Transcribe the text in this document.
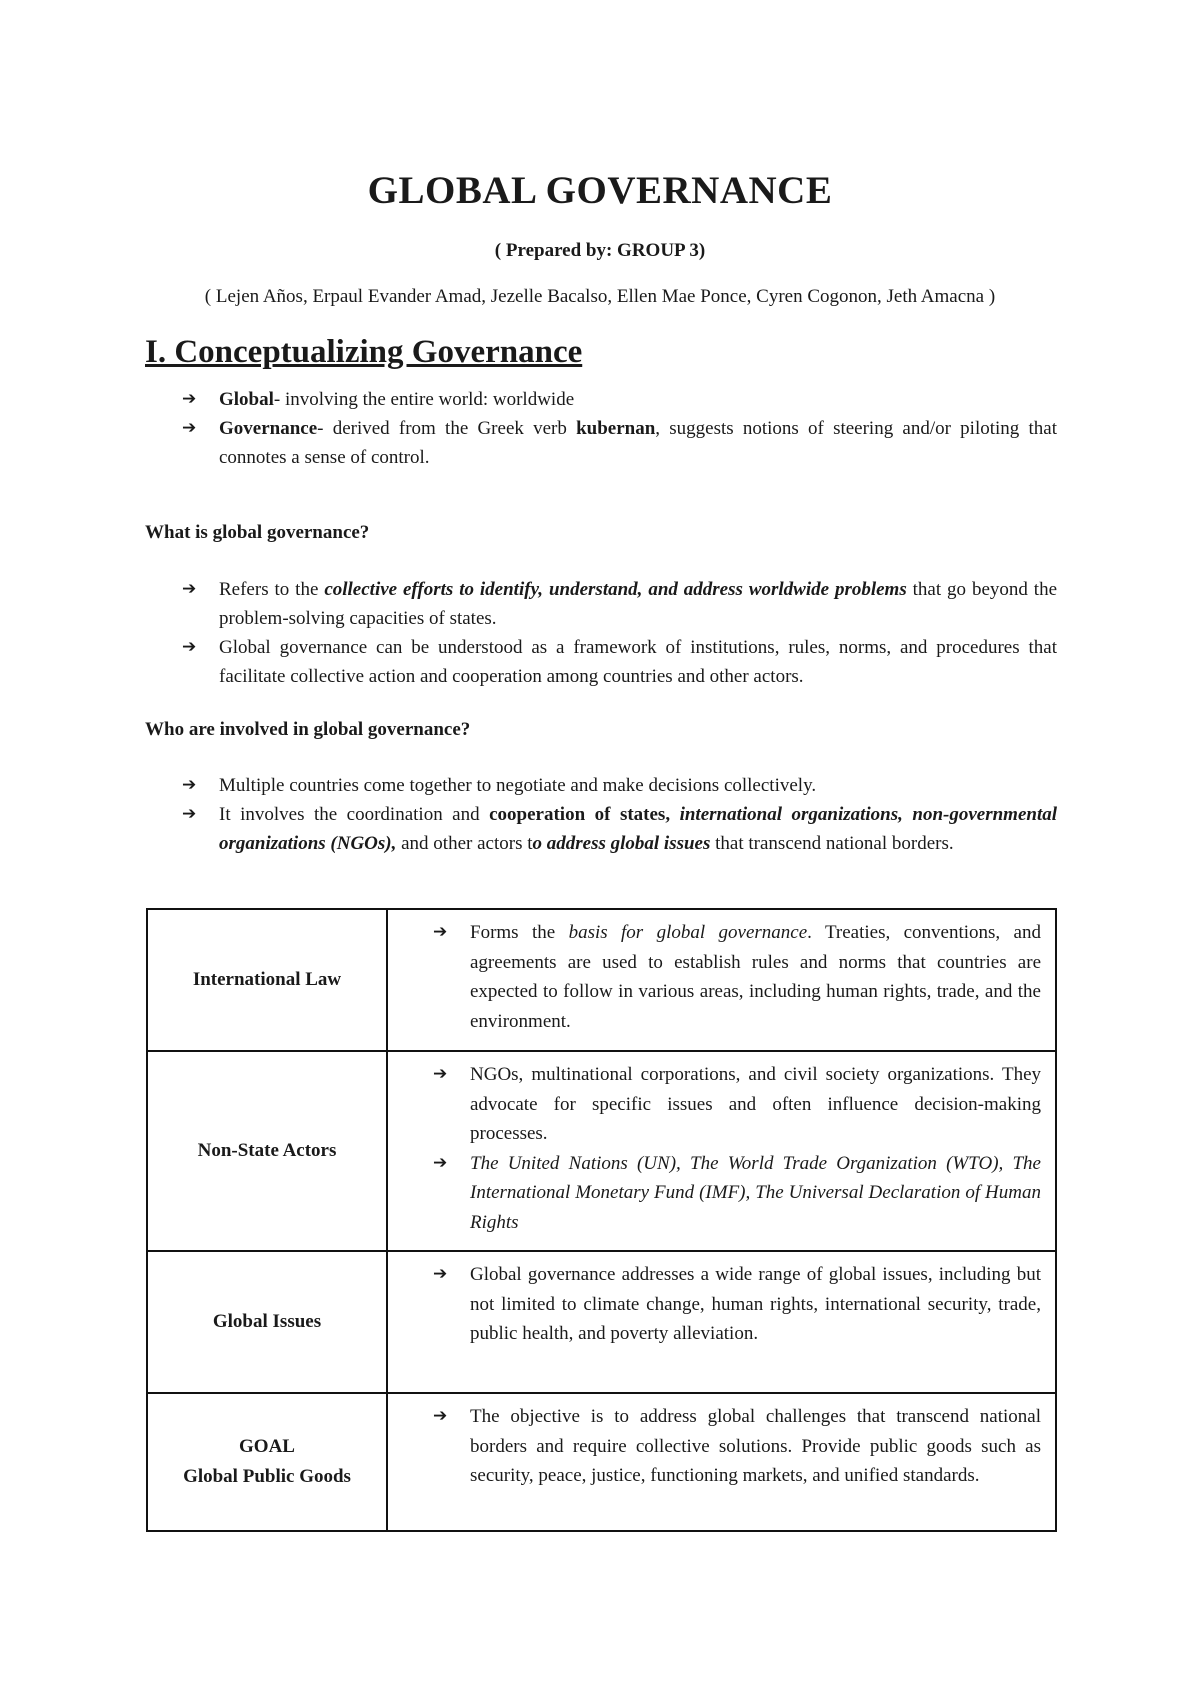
GLOBAL GOVERNANCE
( Prepared by: GROUP 3)
( Lejen Años, Erpaul Evander Amad, Jezelle Bacalso, Ellen Mae Ponce, Cyren Cogonon, Jeth Amacna )
I. Conceptualizing Governance
➔ Global- involving the entire world: worldwide
➔ Governance- derived from the Greek verb kubernan, suggests notions of steering and/or piloting that connotes a sense of control.
What is global governance?
➔ Refers to the collective efforts to identify, understand, and address worldwide problems that go beyond the problem-solving capacities of states.
➔ Global governance can be understood as a framework of institutions, rules, norms, and procedures that facilitate collective action and cooperation among countries and other actors.
Who are involved in global governance?
➔ Multiple countries come together to negotiate and make decisions collectively.
➔ It involves the coordination and cooperation of states, international organizations, non-governmental organizations (NGOs), and other actors to address global issues that transcend national borders.
International Law
➔ Forms the basis for global governance. Treaties, conventions, and agreements are used to establish rules and norms that countries are expected to follow in various areas, including human rights, trade, and the environment.
Non-State Actors
➔ NGOs, multinational corporations, and civil society organizations. They advocate for specific issues and often influence decision-making processes.
➔ The United Nations (UN), The World Trade Organization (WTO), The International Monetary Fund (IMF), The Universal Declaration of Human Rights
Global Issues
➔ Global governance addresses a wide range of global issues, including but not limited to climate change, human rights, international security, trade, public health, and poverty alleviation.
GOAL
Global Public Goods
➔ The objective is to address global challenges that transcend national borders and require collective solutions. Provide public goods such as security, peace, justice, functioning markets, and unified standards.
